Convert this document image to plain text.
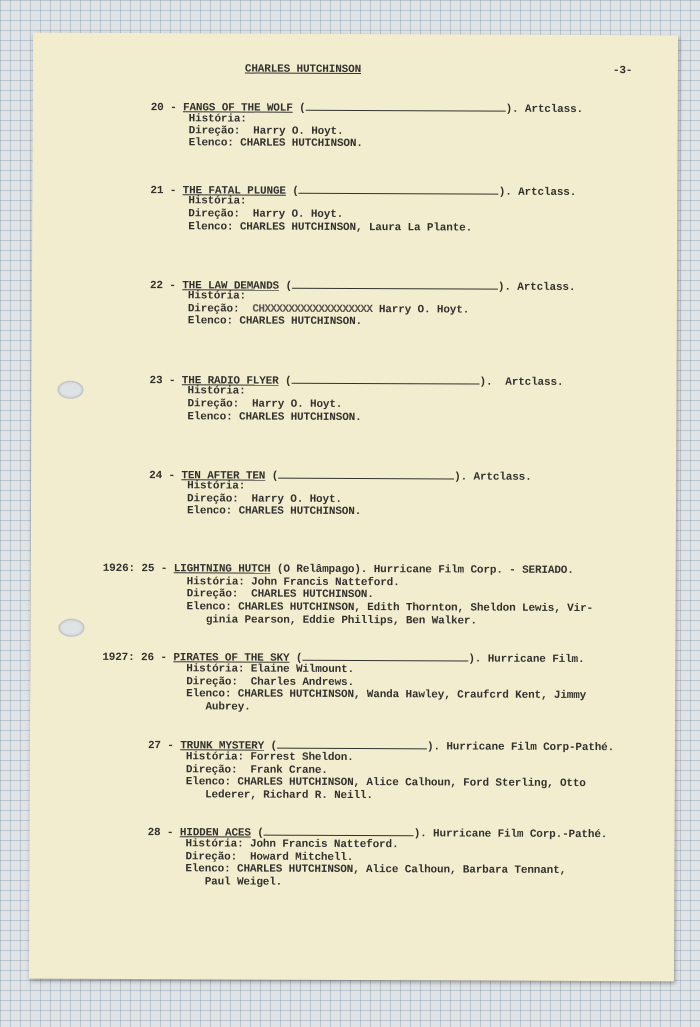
CHARLES HUTCHINSON	-3-
20 - FANGS OF THE WOLF (	). Artclass.
História:
Direção:  Harry O. Hoyt.
Elenco: CHARLES HUTCHINSON.
21 - THE FATAL PLUNGE (	). Artclass.
História:
Direção:  Harry O. Hoyt.
Elenco: CHARLES HUTCHINSON, Laura La Plante.
22 - THE LAW DEMANDS (	). Artclass.
História:
Direção: CHXXXXXXXXXXXXXXXXXX Harry O. Hoyt.
Elenco: CHARLES HUTCHINSON.
23 - THE RADIO FLYER (	).  Artclass.
História:
Direção:  Harry O. Hoyt.
Elenco: CHARLES HUTCHINSON.
24 - TEN AFTER TEN (	). Artclass.
História:
Direção:  Harry O. Hoyt.
Elenco: CHARLES HUTCHINSON.
1926: 25 - LIGHTNING HUTCH (O Relâmpago). Hurricane Film Corp. - SERIADO.
História: John Francis Natteford.
Direção:  CHARLES HUTCHINSON.
Elenco: CHARLES HUTCHINSON, Edith Thornton, Sheldon Lewis, Vir-
ginia Pearson, Eddie Phillips, Ben Walker.
1927: 26 - PIRATES OF THE SKY (	). Hurricane Film.
História: Elaine Wilmount.
Direção:  Charles Andrews.
Elenco: CHARLES HUTCHINSON, Wanda Hawley, Craufcrd Kent, Jimmy
Aubrey.
27 - TRUNK MYSTERY (	). Hurricane Film Corp-Pathé.
História: Forrest Sheldon.
Direção:  Frank Crane.
Elenco: CHARLES HUTCHINSON, Alice Calhoun, Ford Sterling, Otto
Lederer, Richard R. Neill.
28 - HIDDEN ACES (	). Hurricane Film Corp.-Pathé.
História: John Francis Natteford.
Direção:  Howard Mitchell.
Elenco: CHARLES HUTCHINSON, Alice Calhoun, Barbara Tennant,
Paul Weigel.
